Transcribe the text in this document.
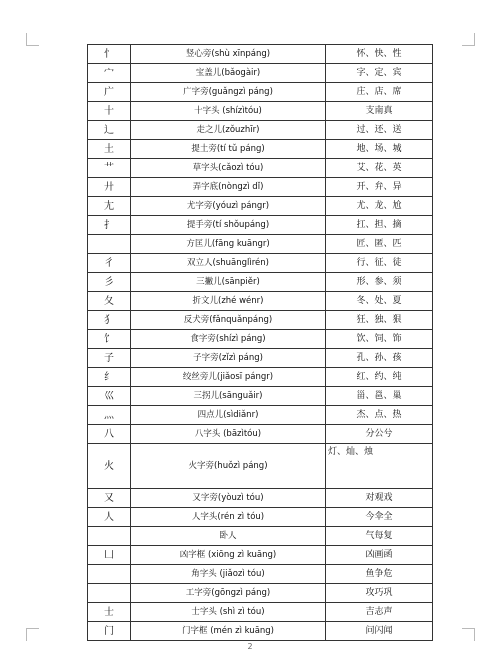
忄	竖心旁(shù xīnpáng)	怀、快、性
宀	宝盖儿(bǎogàir)	字、定、宾
广	广字旁(guǎngzì páng)	庄、店、席
十	十字头 (shízìtóu)	支南真
辶	走之儿(zǒuzhīr)	过、还、送
土	提土旁(tí tǔ páng)	地、场、城
艹	草字头(cǎozì tóu)	艾、花、英
廾	弄字底(nòngzì dǐ)	开、弁、异
尢	尤字旁(yóuzì pángr)	尤、龙、尬
扌	提手旁(tí shǒupáng)	扛、担、摘
	方匡儿(fāng kuāngr)	匠、匿、匹
彳	双立人(shuānglìrén)	行、征、徒
彡	三撇儿(sānpiěr)	形、参、须
夂	折文儿(zhé wénr)	冬、处、夏
犭	反犬旁(fǎnquǎnpáng)	狂、独、狠
饣	食字旁(shízì páng)	饮、饲、饰
子	子字旁(zǐzì páng)	孔、孙、孩
纟	绞丝旁儿(jiǎosī pángr)	红、约、纯
巛	三拐儿(sānguǎir)	甾、邕、巢
灬	四点儿(sìdiǎnr)	杰、点、热
八	八字头 (bāzìtóu)	分公兮
火	火字旁(huǒzì páng)	灯、灿、烛
又	又字旁(yòuzì tóu)	对观戏
人	人字头(rén zì tóu)	今伞全
	卧人	气每复
凵	凶字框 (xiōng zì kuāng)	凶画函
	角字头 (jiǎozì tóu)	鱼争危
	工字旁(gōngzì páng)	攻巧巩
士	士字头 (shì zì tóu)	吉志声
门	门字框 (mén zì kuāng)	问闪闻
2
